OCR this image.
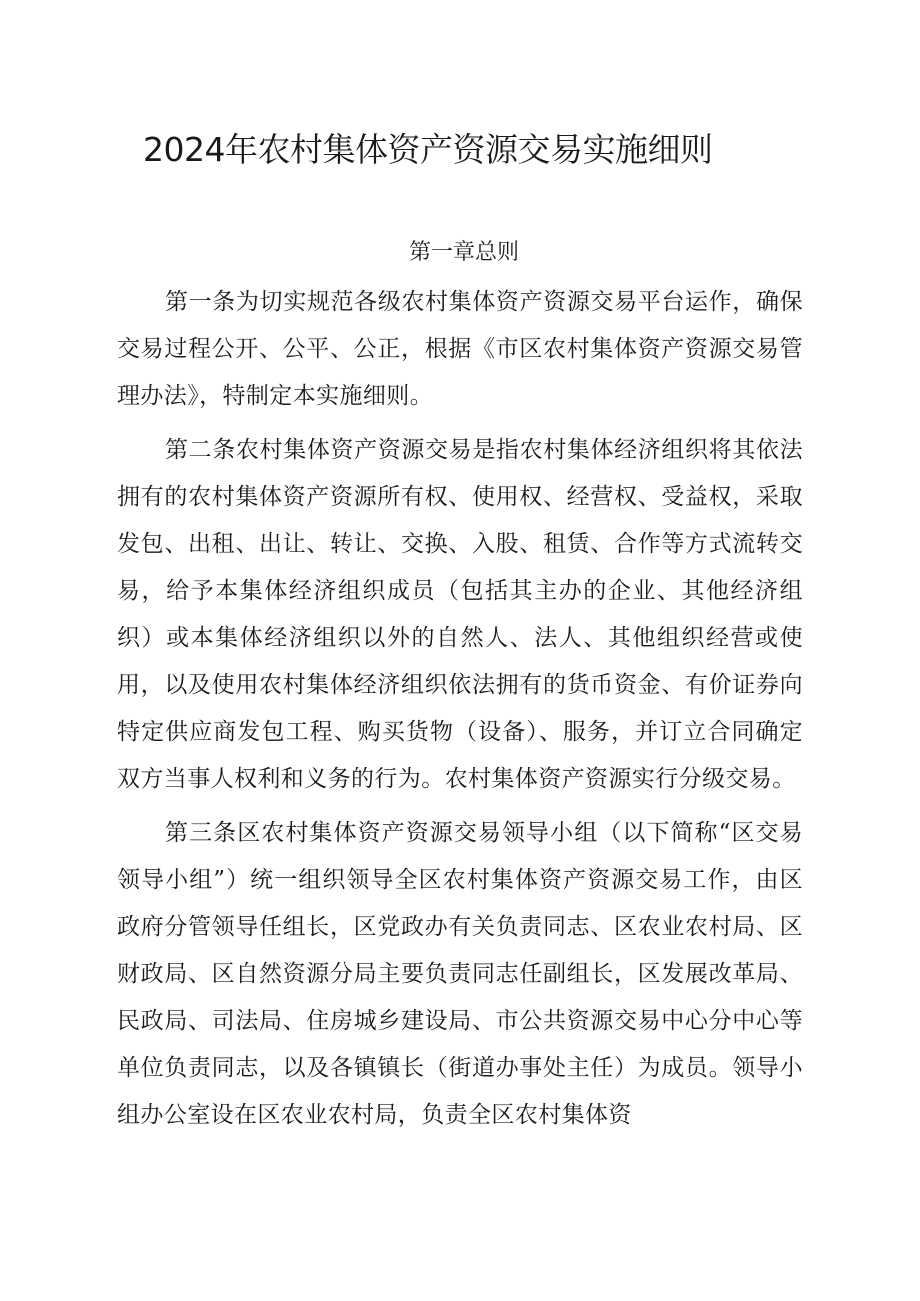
2024年农村集体资产资源交易实施细则
第一章总则

第一条为切实规范各级农村集体资产资源交易平台运作，确保交易过程公开、公平、公正，根据《市区农村集体资产资源交易管理办法》，特制定本实施细则。

第二条农村集体资产资源交易是指农村集体经济组织将其依法拥有的农村集体资产资源所有权、使用权、经营权、受益权，采取发包、出租、出让、转让、交换、入股、租赁、合作等方式流转交易，给予本集体经济组织成员（包括其主办的企业、其他经济组织）或本集体经济组织以外的自然人、法人、其他组织经营或使用，以及使用农村集体经济组织依法拥有的货币资金、有价证券向特定供应商发包工程、购买货物（设备）、服务，并订立合同确定双方当事人权利和义务的行为。农村集体资产资源实行分级交易。

第三条区农村集体资产资源交易领导小组（以下简称“区交易领导小组”）统一组织领导全区农村集体资产资源交易工作，由区政府分管领导任组长，区党政办有关负责同志、区农业农村局、区财政局、区自然资源分局主要负责同志任副组长，区发展改革局、民政局、司法局、住房城乡建设局、市公共资源交易中心分中心等单位负责同志，以及各镇镇长（街道办事处主任）为成员。领导小组办公室设在区农业农村局，负责全区农村集体资
